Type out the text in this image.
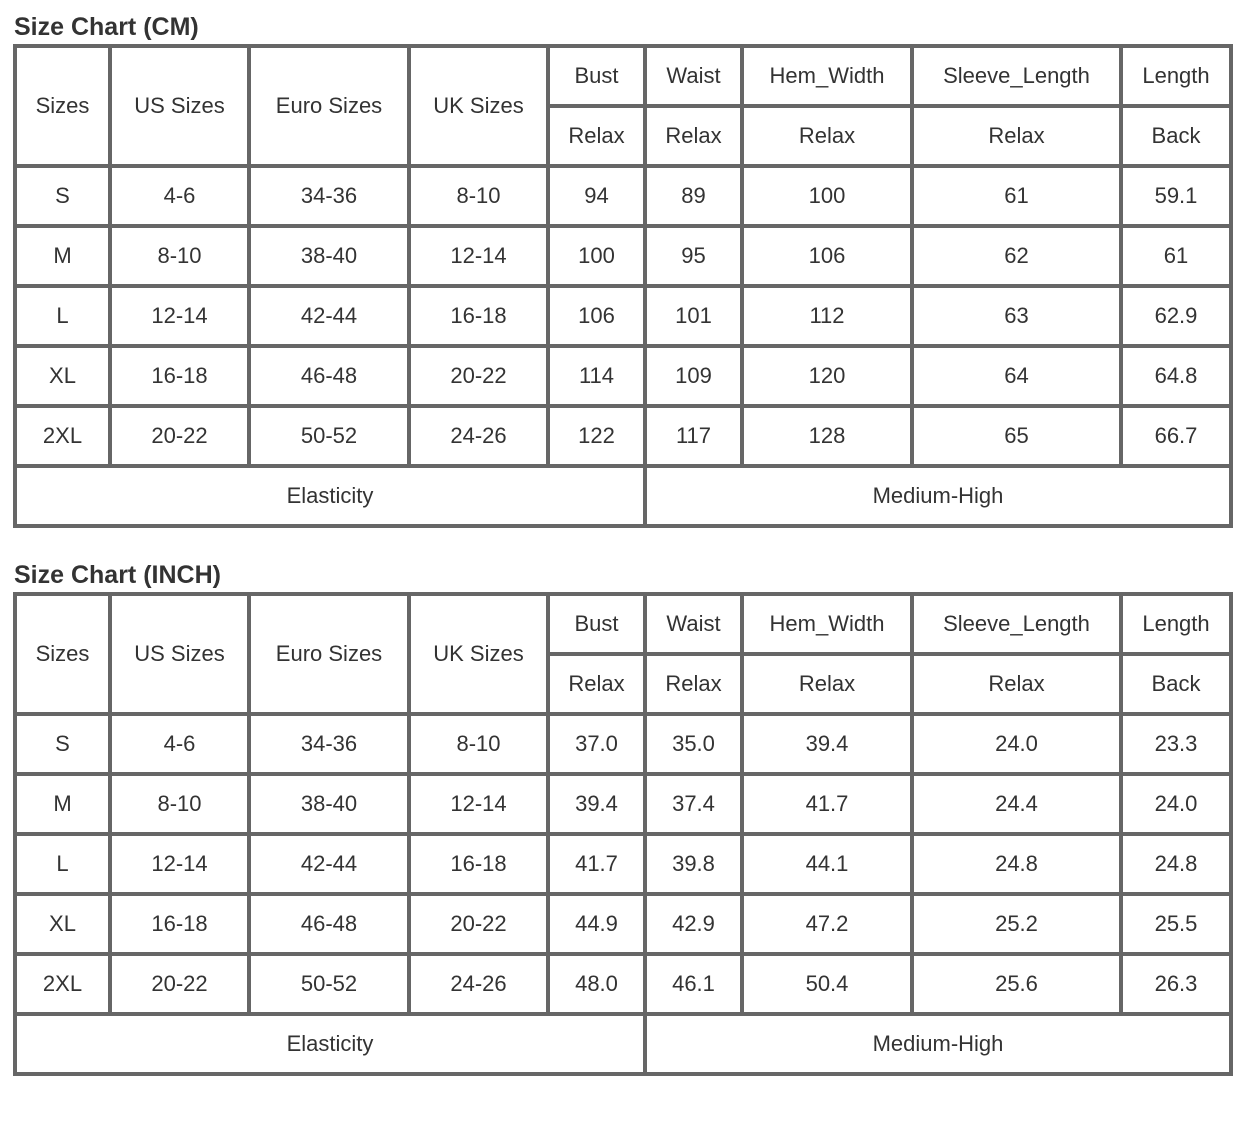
Size Chart (CM)
Sizes	US Sizes	Euro Sizes	UK Sizes	Bust	Waist	Hem_Width	Sleeve_Length	Length
				Relax	Relax	Relax	Relax	Back
S	4-6	34-36	8-10	94	89	100	61	59.1
M	8-10	38-40	12-14	100	95	106	62	61
L	12-14	42-44	16-18	106	101	112	63	62.9
XL	16-18	46-48	20-22	114	109	120	64	64.8
2XL	20-22	50-52	24-26	122	117	128	65	66.7
Elasticity					Medium-High			
Size Chart (INCH)
Sizes	US Sizes	Euro Sizes	UK Sizes	Bust	Waist	Hem_Width	Sleeve_Length	Length
				Relax	Relax	Relax	Relax	Back
S	4-6	34-36	8-10	37.0	35.0	39.4	24.0	23.3
M	8-10	38-40	12-14	39.4	37.4	41.7	24.4	24.0
L	12-14	42-44	16-18	41.7	39.8	44.1	24.8	24.8
XL	16-18	46-48	20-22	44.9	42.9	47.2	25.2	25.5
2XL	20-22	50-52	24-26	48.0	46.1	50.4	25.6	26.3
Elasticity					Medium-High			
